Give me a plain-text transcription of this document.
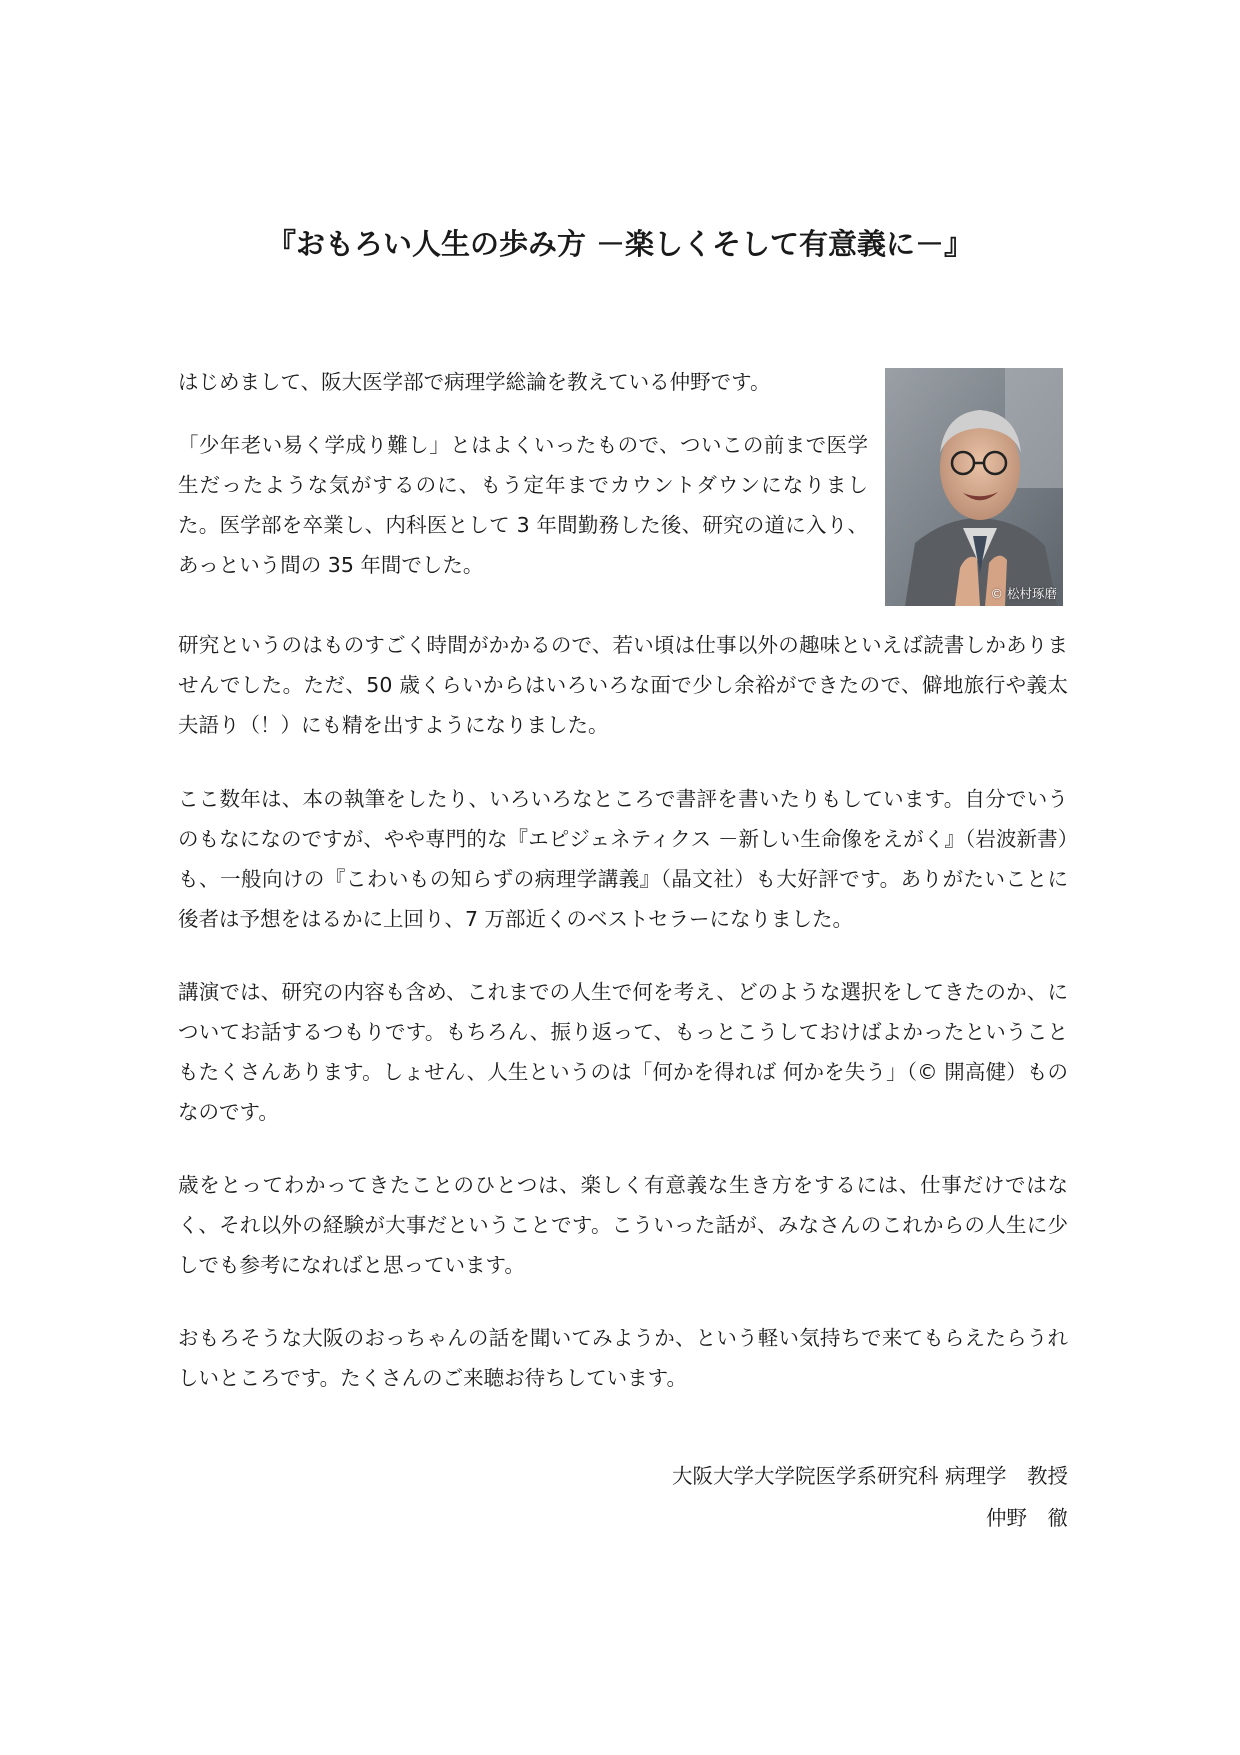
『おもろい人生の歩み方 －楽しくそして有意義に－』

はじめまして、阪大医学部で病理学総論を教えている仲野です。

「少年老い易く学成り難し」とはよくいったもので、ついこの前まで医学生だったような気がするのに、もう定年までカウントダウンになりました。医学部を卒業し、内科医として 3 年間勤務した後、研究の道に入り、あっという間の 35 年間でした。

© 松村琢磨

研究というのはものすごく時間がかかるので、若い頃は仕事以外の趣味といえば読書しかありませんでした。ただ、50 歳くらいからはいろいろな面で少し余裕ができたので、僻地旅行や義太夫語り（！）にも精を出すようになりました。

ここ数年は、本の執筆をしたり、いろいろなところで書評を書いたりもしています。自分でいうのもなになのですが、やや専門的な『エピジェネティクス －新しい生命像をえがく』（岩波新書）も、一般向けの『こわいもの知らずの病理学講義』（晶文社）も大好評です。ありがたいことに後者は予想をはるかに上回り、7 万部近くのベストセラーになりました。

講演では、研究の内容も含め、これまでの人生で何を考え、どのような選択をしてきたのか、についてお話するつもりです。もちろん、振り返って、もっとこうしておけばよかったということもたくさんあります。しょせん、人生というのは「何かを得れば 何かを失う」（© 開高健）ものなのです。

歳をとってわかってきたことのひとつは、楽しく有意義な生き方をするには、仕事だけではなく、それ以外の経験が大事だということです。こういった話が、みなさんのこれからの人生に少しでも参考になればと思っています。

おもろそうな大阪のおっちゃんの話を聞いてみようか、という軽い気持ちで来てもらえたらうれしいところです。たくさんのご来聴お待ちしています。

大阪大学大学院医学系研究科 病理学　教授

仲野　徹
